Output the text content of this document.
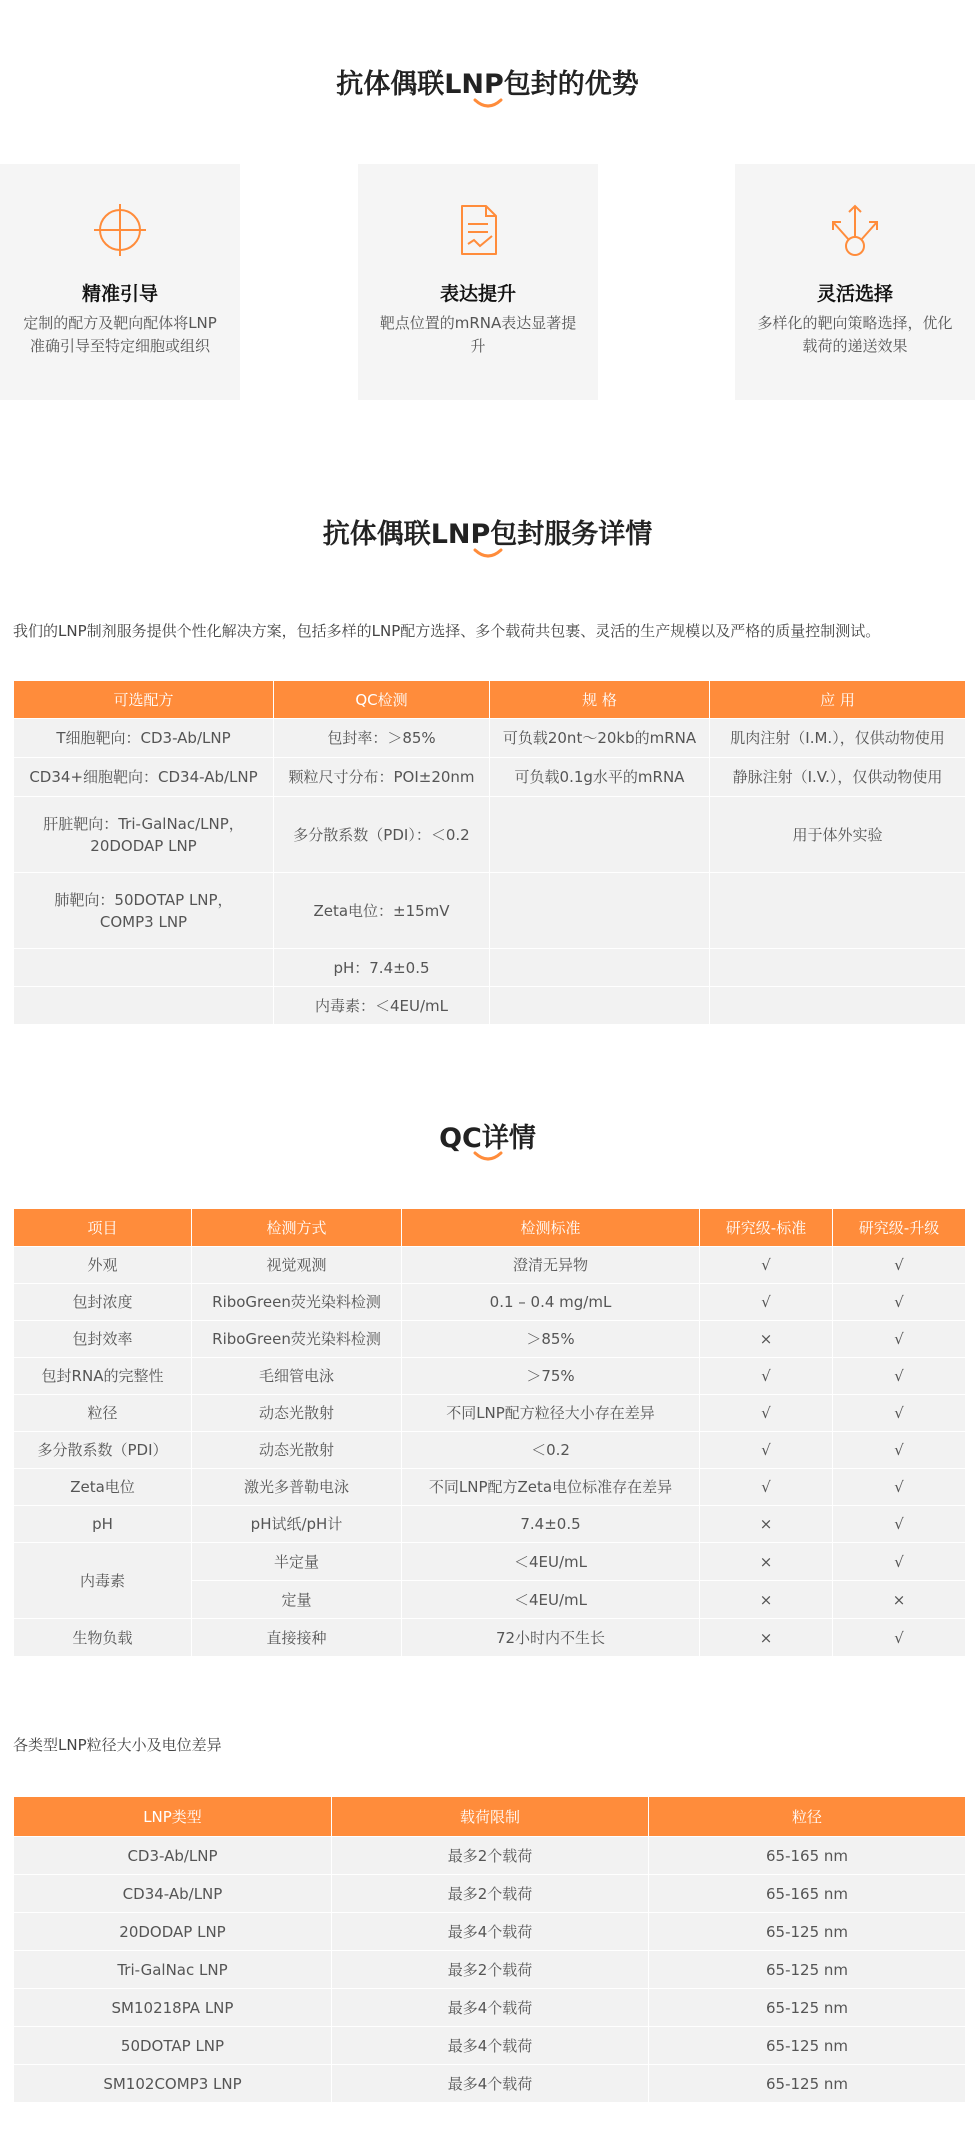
抗体偶联LNP包封的优势
精准引导
定制的配方及靶向配体将LNP准确引导至特定细胞或组织
表达提升
靶点位置的mRNA表达显著提升
灵活选择
多样化的靶向策略选择，优化载荷的递送效果
抗体偶联LNP包封服务详情
我们的LNP制剂服务提供个性化解决方案，包括多样的LNP配方选择、多个载荷共包裹、灵活的生产规模以及严格的质量控制测试。
可选配方	QC检测	规 格	应 用
T细胞靶向：CD3-Ab/LNP	包封率：＞85%	可负载20nt～20kb的mRNA	肌肉注射（I.M.），仅供动物使用
CD34+细胞靶向：CD34-Ab/LNP	颗粒尺寸分布：POI±20nm	可负载0.1g水平的mRNA	静脉注射（I.V.），仅供动物使用
肝脏靶向：Tri-GalNac/LNP，20DODAP LNP	多分散系数（PDI）：＜0.2		用于体外实验
肺靶向：50DOTAP LNP，COMP3 LNP	Zeta电位：±15mV		
	pH：7.4±0.5		
	内毒素：＜4EU/mL		
QC详情
项目	检测方式	检测标准	研究级-标准	研究级-升级
外观	视觉观测	澄清无异物	√	√
包封浓度	RiboGreen荧光染料检测	0.1 – 0.4 mg/mL	√	√
包封效率	RiboGreen荧光染料检测	＞85%	×	√
包封RNA的完整性	毛细管电泳	＞75%	√	√
粒径	动态光散射	不同LNP配方粒径大小存在差异	√	√
多分散系数（PDI）	动态光散射	＜0.2	√	√
Zeta电位	激光多普勒电泳	不同LNP配方Zeta电位标准存在差异	√	√
pH	pH试纸/pH计	7.4±0.5	×	√
内毒素	半定量	＜4EU/mL	×	√
	定量	＜4EU/mL	×	×
生物负载	直接接种	72小时内不生长	×	√
各类型LNP粒径大小及电位差异
LNP类型	载荷限制	粒径
CD3-Ab/LNP	最多2个载荷	65-165 nm
CD34-Ab/LNP	最多2个载荷	65-165 nm
20DODAP LNP	最多4个载荷	65-125 nm
Tri-GalNac LNP	最多2个载荷	65-125 nm
SM10218PA LNP	最多4个载荷	65-125 nm
50DOTAP LNP	最多4个载荷	65-125 nm
SM102COMP3 LNP	最多4个载荷	65-125 nm
